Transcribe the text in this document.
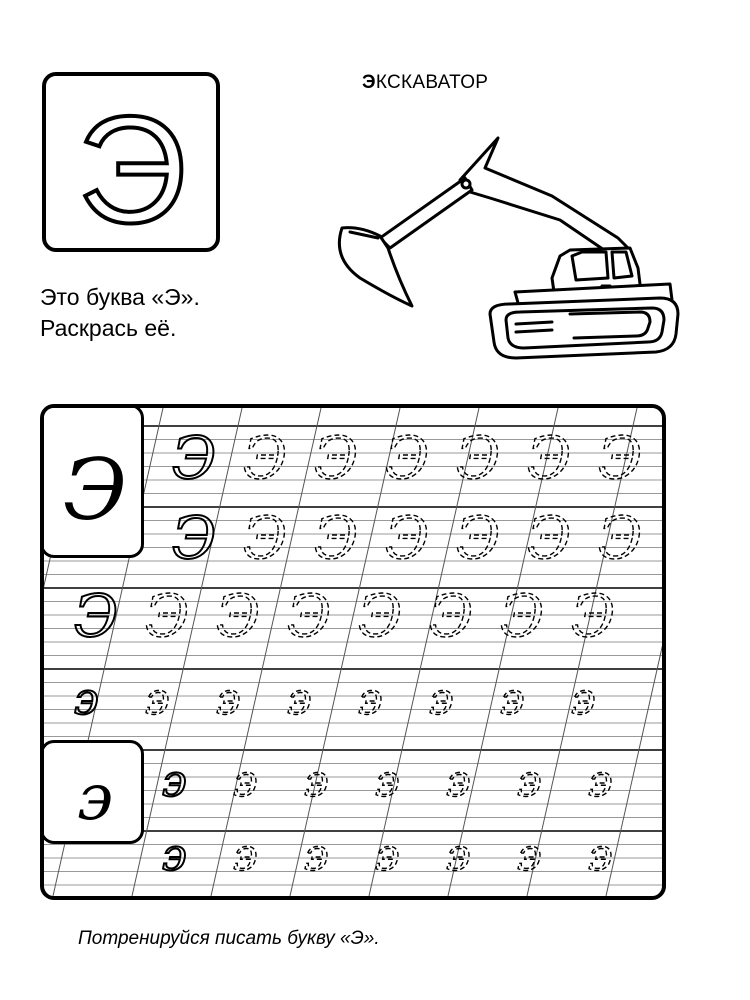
Э
ЭКСКАВАТОР
Это буква «Э».
Раскрась её.
Э Э Э Э Э Э Э
Э Э Э Э Э Э Э
Э Э Э Э Э Э Э Э
э э э э э э э э
э э э э э э э
э э э э э э э
Э
э
Потренируйся писать букву «Э».
